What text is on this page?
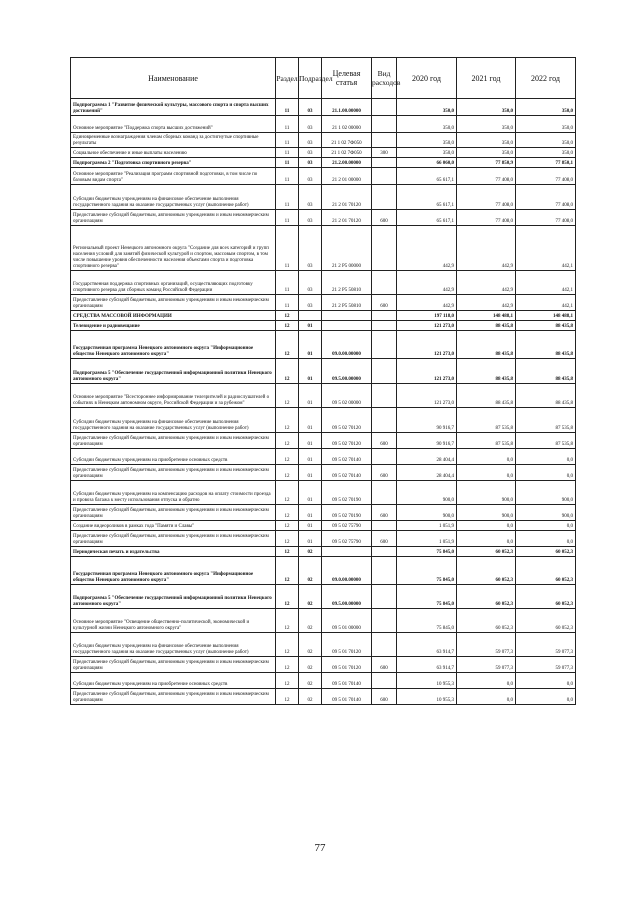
Наименование	Раздел	Подраздел	Целевая статья	Вид расходов	2020 год	2021 год	2022 год
Подпрограмма 1 "Развитие физической культуры, массового спорта и спорта высших достижений"	11	03	21.1.00.00000		350,0	350,0	350,0
Основное мероприятие "Поддержка спорта высших достижений"	11	03	21 1 02 00000		350,0	350,0	350,0
Единовременные вознаграждения членам сборных команд за достигнутые спортивные результаты	11	03	21 1 02 7Ф050		350,0	350,0	350,0
Социальное обеспечение и иные выплаты населению	11	03	21 1 02 7Ф050	300	350,0	350,0	350,0
Подпрограмма 2 "Подготовка спортивного резерва"	11	03	21.2.00.00000		66 060,0	77 850,9	77 850,1
Основное мероприятие "Реализация программ спортивной подготовки, в том числе по базовым видам спорта"	11	03	21 2 01 00000		65 617,1	77 408,0	77 408,0
Субсидии бюджетным учреждениям на финансовое обеспечение выполнения государственного задания на оказание государственных услуг (выполнение работ)	11	03	21 2 01 70120		65 617,1	77 408,0	77 408,0
Предоставление субсидий бюджетным, автономным учреждениям и иным некоммерческим организациям	11	03	21 2 01 70120	600	65 617,1	77 408,0	77 408,0
Региональный проект Ненецкого автономного округа "Создание для всех категорий и групп населения условий для занятий физической культурой и спортом, массовым спортом, в том числе повышение уровня обеспеченности населения объектами спорта и подготовка спортивного резерва"	11	03	21 2 Р5 00000		442,9	442,9	442,1
Государственная поддержка спортивных организаций, осуществляющих подготовку спортивного резерва для сборных команд Российской Федерации	11	03	21 2 Р5 50810		442,9	442,9	442,1
Предоставление субсидий бюджетным, автономным учреждениям и иным некоммерческим организациям	11	03	21 2 Р5 50810	600	442,9	442,9	442,1
СРЕДСТВА МАССОВОЙ ИНФОРМАЦИИ	12				197 118,0	148 488,1	148 488,1
Телевидение и радиовещание	12	01			121 273,0	88 435,8	88 435,8
Государственная программа Ненецкого автономного округа "Информационное общество Ненецкого автономного округа"	12	01	09.0.00.00000		121 273,0	88 435,8	88 435,8
Подпрограмма 5 "Обеспечение государственной информационной политики Ненецкого автономного округа"	12	01	09.5.00.00000		121 273,0	88 435,8	88 435,8
Основное мероприятие "Всестороннее информирование телезрителей и радиослушателей о событиях в Ненецком автономном округе, Российской Федерации и за рубежом"	12	01	09 5 02 00000		121 273,0	88 435,8	88 435,8
Субсидии бюджетным учреждениям на финансовое обеспечение выполнения государственного задания на оказание государственных услуг (выполнение работ)	12	01	09 5 02 70120		90 916,7	87 535,8	87 535,8
Предоставление субсидий бюджетным, автономным учреждениям и иным некоммерческим организациям	12	01	09 5 02 70120	600	90 916,7	87 535,8	87 535,8
Субсидии бюджетным учреждениям на приобретение основных средств	12	01	09 5 02 70140		28 404,4	0,0	0,0
Предоставление субсидий бюджетным, автономным учреждениям и иным некоммерческим организациям	12	01	09 5 02 70140	600	28 404,4	0,0	0,0
Субсидии бюджетным учреждениям на компенсацию расходов на оплату стоимости проезда и провоза багажа к месту использования отпуска и обратно	12	01	09 5 02 70190		900,0	900,0	900,0
Предоставление субсидий бюджетным, автономным учреждениям и иным некоммерческим организациям	12	01	09 5 02 70190	600	900,0	900,0	900,0
Создание видеороликов в рамках года "Памяти и Славы"	12	01	09 5 02 75790		1 051,9	0,0	0,0
Предоставление субсидий бюджетным, автономным учреждениям и иным некоммерческим организациям	12	01	09 5 02 75790	600	1 051,9	0,0	0,0
Периодическая печать и издательства	12	02			75 845,0	60 052,3	60 052,3
Государственная программа Ненецкого автономного округа "Информационное общество Ненецкого автономного округа"	12	02	09.0.00.00000		75 845,0	60 052,3	60 052,3
Подпрограмма 5 "Обеспечение государственной информационной политики Ненецкого автономного округа"	12	02	09.5.00.00000		75 845,0	60 052,3	60 052,3
Основное мероприятие "Освещение общественно-политической, экономической и культурной жизни Ненецкого автономного округа"	12	02	09 5 01 00000		75 845,0	60 052,3	60 052,3
Субсидии бюджетным учреждениям на финансовое обеспечение выполнения государственного задания на оказание государственных услуг (выполнение работ)	12	02	09 5 01 70120		63 914,7	59 077,3	59 077,3
Предоставление субсидий бюджетным, автономным учреждениям и иным некоммерческим организациям	12	02	09 5 01 70120	600	63 914,7	59 077,3	59 077,3
Субсидии бюджетным учреждениям на приобретение основных средств	12	02	09 5 01 70140		10 955,3	0,0	0,0
Предоставление субсидий бюджетным, автономным учреждениям и иным некоммерческим организациям	12	02	09 5 01 70140	600	10 955,3	0,0	0,0
77
